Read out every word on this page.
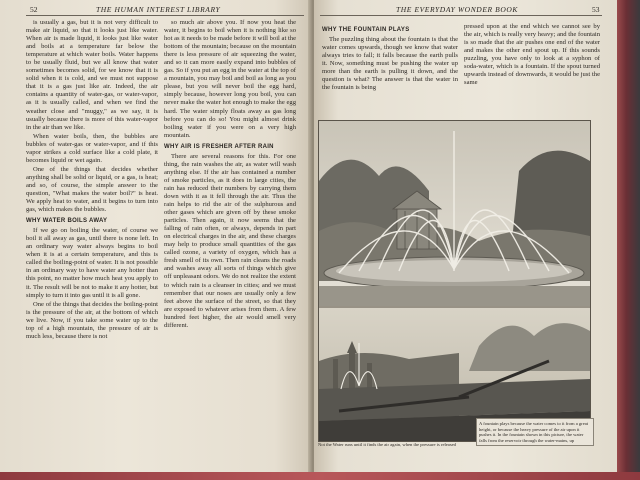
52	THE HUMAN INTEREST LIBRARY

is usually a gas, but it is not very difficult to make air liquid, so that it looks just like water. When air is made liquid, it looks just like water and boils at a temperature far below the temperature at which water boils. Water happens to be usually fluid, but we all know that water sometimes becomes solid, for we know that it is solid when it is cold, and we must not suppose that it is a gas just like air. Indeed, the air contains a quantity of water-gas, or water-vapor, as it is usually called, and when we find the weather close and "muggy," as we say, it is usually because there is more of this water-vapor in the air than we like.

When water boils, then, the bubbles are bubbles of water-gas or water-vapor, and if this vapor strikes a cold surface like a cold plate, it becomes liquid or wet again.

One of the things that decides whether anything shall be solid or liquid, or a gas, is heat; and so, of course, the simple answer to the question, "What makes the water boil?" is heat. We apply heat to water, and it begins to turn into gas, which makes the bubbles.

WHY WATER BOILS AWAY

If we go on boiling the water, of course we boil it all away as gas, until there is none left. In an ordinary way water always begins to boil when it is at a certain temperature, and this is called the boiling-point of water. It is not possible in an ordinary way to have water any hotter than this point, no matter how much heat you apply to it. The result will be not to make it any hotter, but simply to turn it into gas until it is all gone.

One of the things that decides the boiling-point is the pressure of the air, at the bottom of which we live. Now, if you take some water up to the top of a high mountain, the pressure of air is much less, because there is not

so much air above you. If now you heat the water, it begins to boil when it is nothing like so hot as it needs to be made before it will boil at the bottom of the mountain; because on the mountain there is less pressure of air squeezing the water, and so it can more easily expand into bubbles of gas. So if you put an egg in the water at the top of a mountain, you may boil and boil as long as you please, but you will never boil the egg hard, simply because, however long you boil, you can never make the water hot enough to make the egg hard. The water simply floats away as gas long before you can do so! You might almost drink boiling water if you were on a very high mountain.

WHY AIR IS FRESHER AFTER RAIN

There are several reasons for this. For one thing, the rain washes the air, as water will wash anything else. If the air has contained a number of smoke particles, as it does in large cities, the rain has reduced their numbers by carrying them down with it as it fell through the air. Thus the rain helps to rid the air of the sulphurous and other gases which are given off by these smoke particles. Then again, it now seems that the falling of rain often, or always, depends in part on electrical charges in the air, and these charges may help to produce small quantities of the gas called ozone, a variety of oxygen, which has a fresh smell of its own. Then rain cleans the roads and washes away all sorts of things which give off unpleasant odors. We do not realize the extent to which rain is a cleanser in cities; and we must remember that our noses are usually only a few feet above the surface of the street, so that they are exposed to whatever arises from them. A few hundred feet higher, the air would smell very different.

THE EVERYDAY WONDER BOOK	53
WHY THE FOUNTAIN PLAYS

The puzzling thing about the fountain is that the water comes upwards, though we know that water always tries to fall; it falls because the earth pulls it. Now, something must be pushing the water up more than the earth is pulling it down, and the question is what? The answer is that the water in the fountain is being

pressed upon at the end which we cannot see by the air, which is really very heavy; and the fountain is so made that the air pushes one end of the water and makes the other end spout up. If this sounds puzzling, you have only to look at a syphon of soda-water, which is a fountain. If the spout turned upwards instead of downwards, it would be just the same

Not the Water runs until it finds the air again, when the pressure is released
A fountain plays because the water comes to it from a great height, or because the heavy pressure of the air upon it pushes it. In the fountain shown in this picture, the water falls from the reservoir through the water-mains, up
